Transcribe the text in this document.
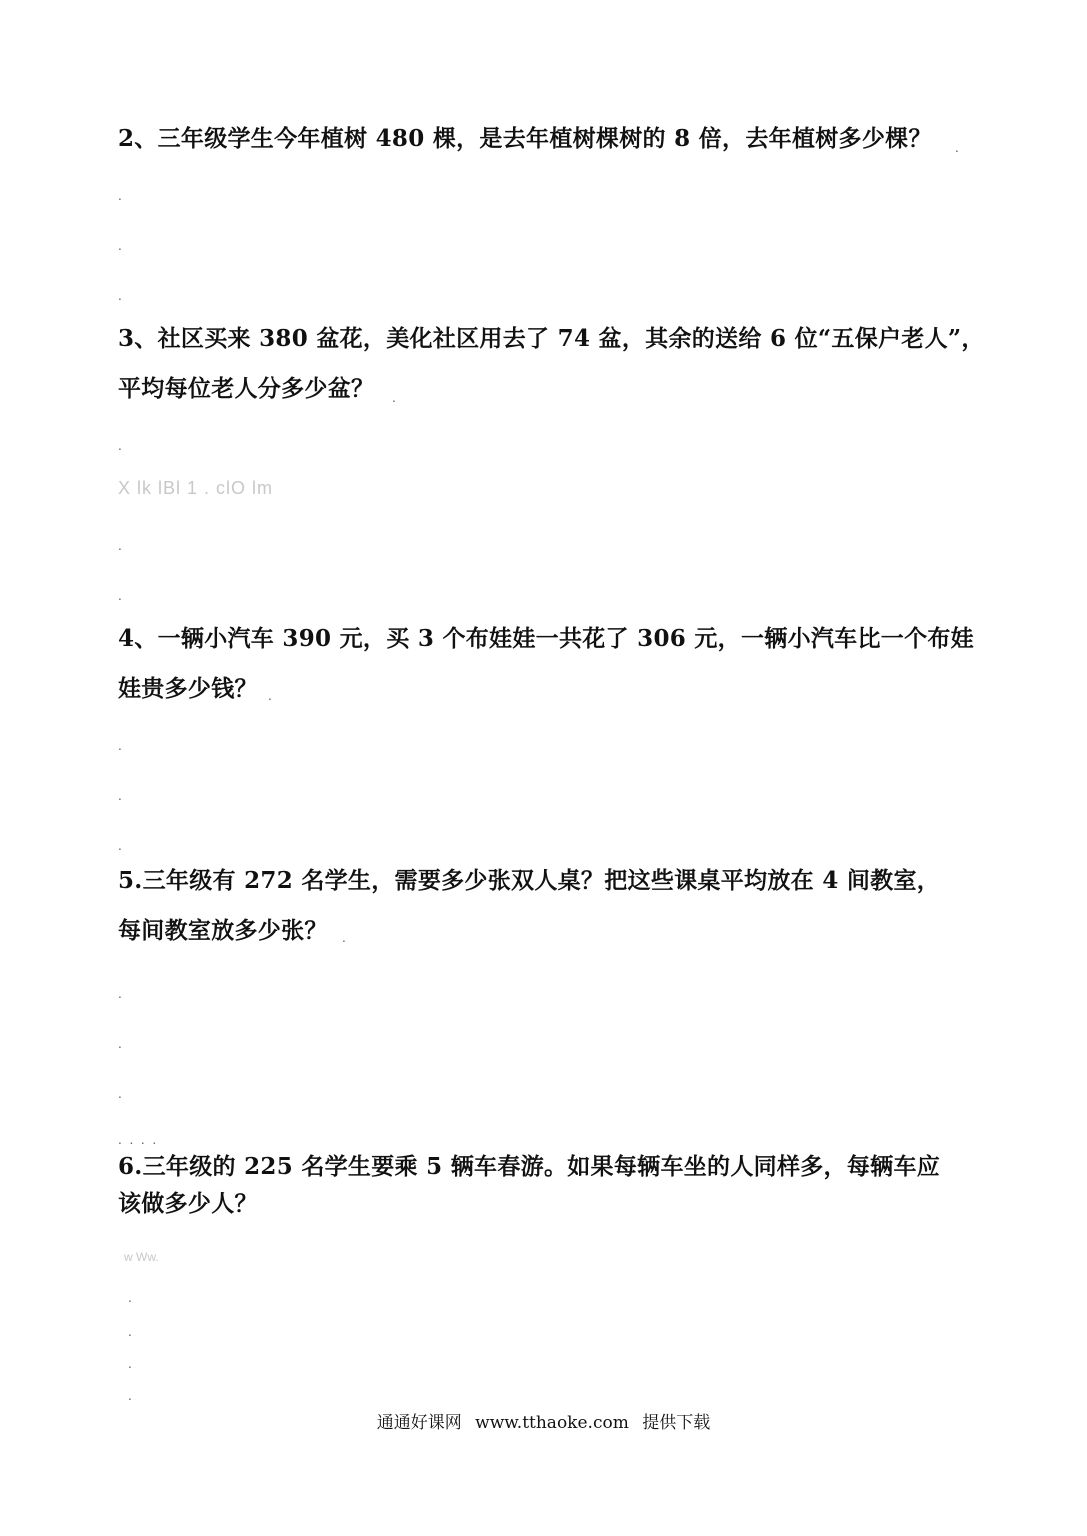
2、三年级学生今年植树 480 棵，是去年植树棵树的 8 倍，去年植树多少棵？ .
.
.
.
3、社区买来 380 盆花，美化社区用去了 74 盆，其余的送给 6 位“五保户老人”，
平均每位老人分多少盆？	.
.
X lk lBl 1 . clO lm
.
.
4、一辆小汽车 390 元，买 3 个布娃娃一共花了 306 元，一辆小汽车比一个布娃
娃贵多少钱？ .
.
.
.
5.三年级有 272 名学生，需要多少张双人桌？把这些课桌平均放在 4 间教室，
每间教室放多少张？	.
.
.
.
.  .  .  .
6.三年级的 225 名学生要乘 5 辆车春游。如果每辆车坐的人同样多，每辆车应
该做多少人？
w Ww.
.
.
.
.
通通好课网 www.tthaoke.com 提供下载
